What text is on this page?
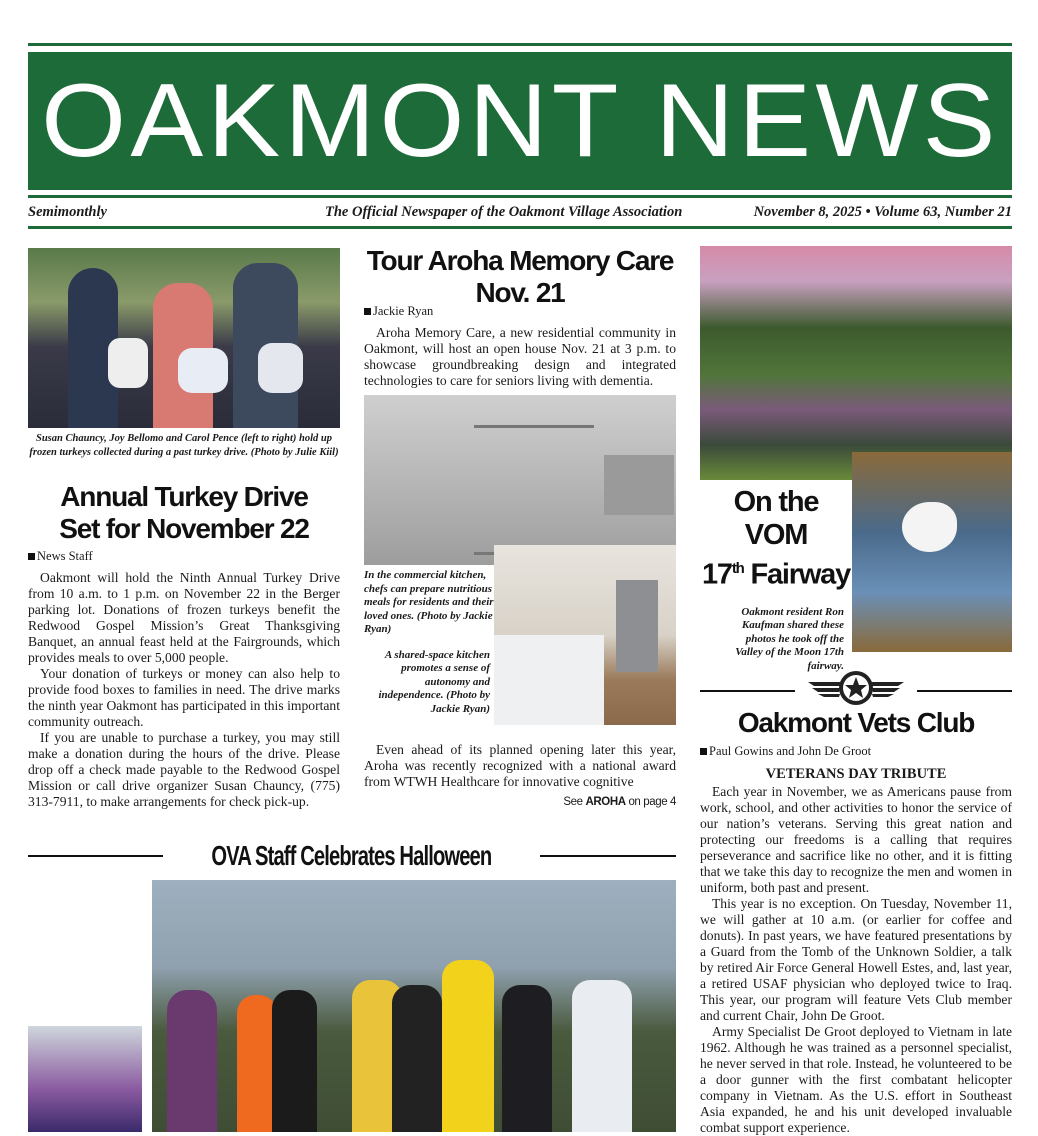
OAKMONT NEWS
Semimonthly	The Official Newspaper of the Oakmont Village Association	November 8, 2025 • Volume 63, Number 21
Susan Chauncy, Joy Bellomo and Carol Pence (left to right) hold up frozen turkeys collected during a past turkey drive. (Photo by Julie Kiil)
Annual Turkey Drive
Set for November 22
News Staff

Oakmont will hold the Ninth Annual Turkey Drive from 10 a.m. to 1 p.m. on November 22 in the Berger parking lot. Donations of frozen turkeys benefit the Redwood Gospel Mission’s Great Thanksgiving Banquet, an annual feast held at the Fairgrounds, which provides meals to over 5,000 people.

Your donation of turkeys or money can also help to provide food boxes to families in need. The drive marks the ninth year Oakmont has participated in this important community outreach.

If you are unable to purchase a turkey, you may still make a donation during the hours of the drive. Please drop off a check made payable to the Redwood Gospel Mission or call drive organizer Susan Chauncy, (775) 313-7911, to make arrangements for check pick-up.

Tour Aroha Memory Care
Nov. 21
Jackie Ryan

Aroha Memory Care, a new residential community in Oakmont, will host an open house Nov. 21 at 3 p.m. to showcase groundbreaking design and integrated technologies to care for seniors living with dementia.

In the commercial kitchen, chefs can prepare nutritious meals for residents and their loved ones. (Photo by Jackie Ryan)
A shared-space kitchen promotes a sense of autonomy and independence. (Photo by Jackie Ryan)

Even ahead of its planned opening later this year, Aroha was recently recognized with a national award from WTWH Healthcare for innovative cognitive

See AROHA on page 4
OVA Staff Celebrates Halloween
On the VOM
17th Fairway
Oakmont resident Ron Kaufman shared these photos he took off the Valley of the Moon 17th fairway.
Oakmont Vets Club
Paul Gowins and John De Groot
VETERANS DAY TRIBUTE

Each year in November, we as Americans pause from work, school, and other activities to honor the service of our nation’s veterans. Serving this great nation and protecting our freedoms is a calling that requires perseverance and sacrifice like no other, and it is fitting that we take this day to recognize the men and women in uniform, both past and present.

This year is no exception. On Tuesday, November 11, we will gather at 10 a.m. (or earlier for coffee and donuts). In past years, we have featured presentations by a Guard from the Tomb of the Unknown Soldier, a talk by retired Air Force General Howell Estes, and, last year, a retired USAF physician who deployed twice to Iraq. This year, our program will feature Vets Club member and current Chair, John De Groot.

Army Specialist De Groot deployed to Vietnam in late 1962. Although he was trained as a personnel specialist, he never served in that role. Instead, he volunteered to be a door gunner with the first combatant helicopter company in Vietnam. As the U.S. effort in Southeast Asia expanded, he and his unit developed invaluable combat support experience.
